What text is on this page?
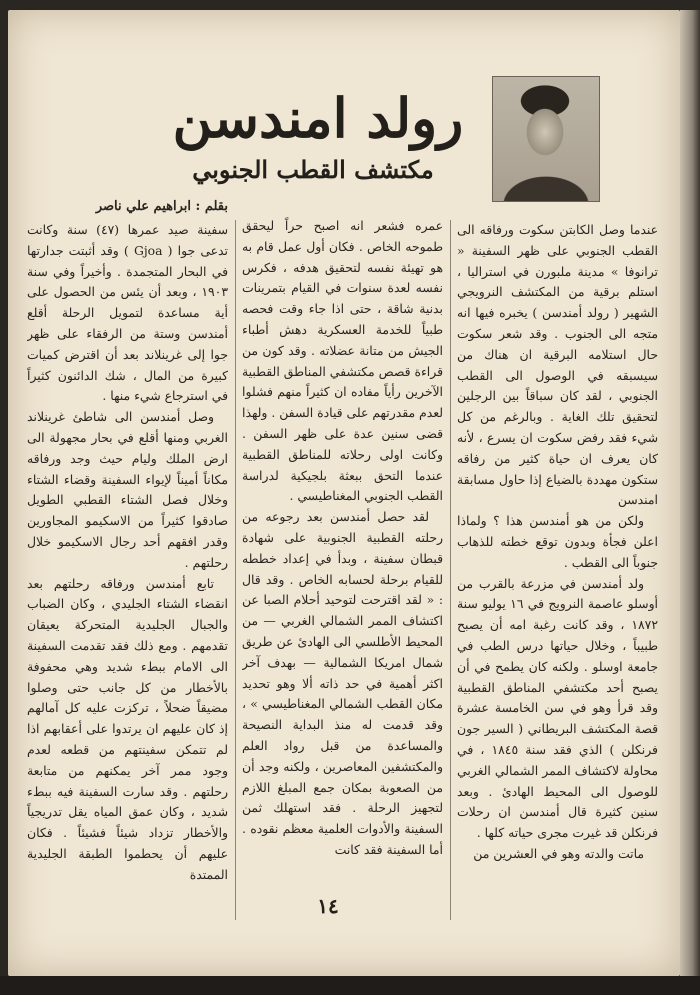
رولد امندسن
مكتشف القطب الجنوبي

عندما وصل الكابتن سكوت ورفاقه الى القطب الجنوبي على ظهر السفينة « ترانوفا » مدينة ملبورن في استراليا ، استلم برقية من المكتشف النرويجي الشهير ( رولد أمندسن ) يخبره فيها انه متجه الى الجنوب . وقد شعر سكوت حال استلامه البرقية ان هناك من سيسبقه في الوصول الى القطب الجنوبي ، لقد كان سباقاً بين الرجلين لتحقيق تلك الغاية . وبالرغم من كل شيء فقد رفض سكوت ان يسرع ، لأنه كان يعرف ان حياة كثير من رفاقه ستكون مهددة بالضياع إذا حاول مسابقة امندسن

ولكن من هو أمندسن هذا ؟ ولماذا اعلن فجأة وبدون توقع خطته للذهاب جنوباً الى القطب .

ولد أمندسن في مزرعة بالقرب من أوسلو عاصمة النرويج في ١٦ يوليو سنة ١٨٧٢ ، وقد كانت رغبة امه أن يصبح طبيباً ، وخلال حياتها درس الطب في جامعة اوسلو . ولكنه كان يطمح في أن يصبح أحد مكتشفي المناطق القطبية وقد قرأ وهو في سن الخامسة عشرة قصة المكتشف البريطاني ( السير جون فرنكلن ) الذي فقد سنة ١٨٤٥ ، في محاولة لاكتشاف الممر الشمالي الغربي للوصول الى المحيط الهادئ . وبعد سنين كثيرة قال أمندسن ان رحلات فرنكلن قد غيرت مجرى حياته كلها .

ماتت والدته وهو في العشرين من

عمره فشعر انه اصبح حراً ليحقق طموحه الخاص . فكان أول عمل قام به هو تهيئة نفسه لتحقيق هدفه ، فكرس نفسه لعدة سنوات في القيام بتمرينات بدنية شاقة ، حتى اذا جاء وقت فحصه طبياً للخدمة العسكرية دهش أطباء الجيش من متانة عضلاته . وقد كون من قراءة قصص مكتشفي المناطق القطبية الآخرين رأياً مفاده ان كثيراً منهم فشلوا لعدم مقدرتهم على قيادة السفن . ولهذا قضى سنين عدة على ظهر السفن . وكانت اولى رحلاته للمناطق القطبية عندما التحق ببعثة بلجيكية لدراسة القطب الجنوبي المغناطيسي .

لقد حصل أمندسن بعد رجوعه من رحلته القطبية الجنوبية على شهادة قبطان سفينة ، وبدأ في إعداد خططه للقيام برحلة لحسابه الخاص . وقد قال : « لقد اقترحت لتوحيد أحلام الصبا عن اكتشاف الممر الشمالي الغربي — من المحيط الأطلسي الى الهادئ عن طريق شمال امريكا الشمالية — بهدف آخر اكثر أهمية في حد ذاته ألا وهو تحديد مكان القطب الشمالي المغناطيسي » ، وقد قدمت له منذ البداية النصيحة والمساعدة من قبل رواد العلم والمكتشفين المعاصرين ، ولكنه وجد أن من الصعوبة بمكان جمع المبلغ اللازم لتجهيز الرحلة . فقد استهلك ثمن السفينة والأدوات العلمية معظم نقوده . أما السفينة فقد كانت

بقلم : ابراهيم علي ناصر

سفينة صيد عمرها (٤٧) سنة وكانت تدعى جوا ( Gjoa ) وقد أثبتت جدارتها في البحار المتجمدة . وأخيراً وفي سنة ١٩٠٣ ، وبعد أن يئس من الحصول على أية مساعدة لتمويل الرحلة أقلع أمندسن وستة من الرفقاء على ظهر جوا إلى غرينلاند بعد أن اقترض كميات كبيرة من المال ، شك الدائنون كثيراً في استرجاع شيء منها .

وصل أمندسن الى شاطئ غرينلاند الغربي ومنها أقلع في بحار مجهولة الى ارض الملك وليام حيث وجد ورفاقه مكاناً أميناً لإيواء السفينة وقضاء الشتاء وخلال فصل الشتاء القطبي الطويل صادقوا كثيراً من الاسكيمو المجاورين وقدر افقهم أحد رجال الاسكيمو خلال رحلتهم .

تابع أمندسن ورفاقه رحلتهم بعد انقضاء الشتاء الجليدي ، وكان الضباب والجبال الجليدية المتحركة يعيقان تقدمهم . ومع ذلك فقد تقدمت السفينة الى الامام ببطء شديد وهي محفوفة بالأخطار من كل جانب حتى وصلوا مضيقاً ضحلاً ، تركزت عليه كل آمالهم إذ كان عليهم ان يرتدوا على أعقابهم اذا لم تتمكن سفينتهم من قطعه لعدم وجود ممر آخر يمكنهم من متابعة رحلتهم . وقد سارت السفينة فيه ببطء شديد ، وكان عمق المياه يقل تدريجياً والأخطار تزداد شيئاً فشيئاً . فكان عليهم أن يحطموا الطبقة الجليدية الممتدة

١٤
